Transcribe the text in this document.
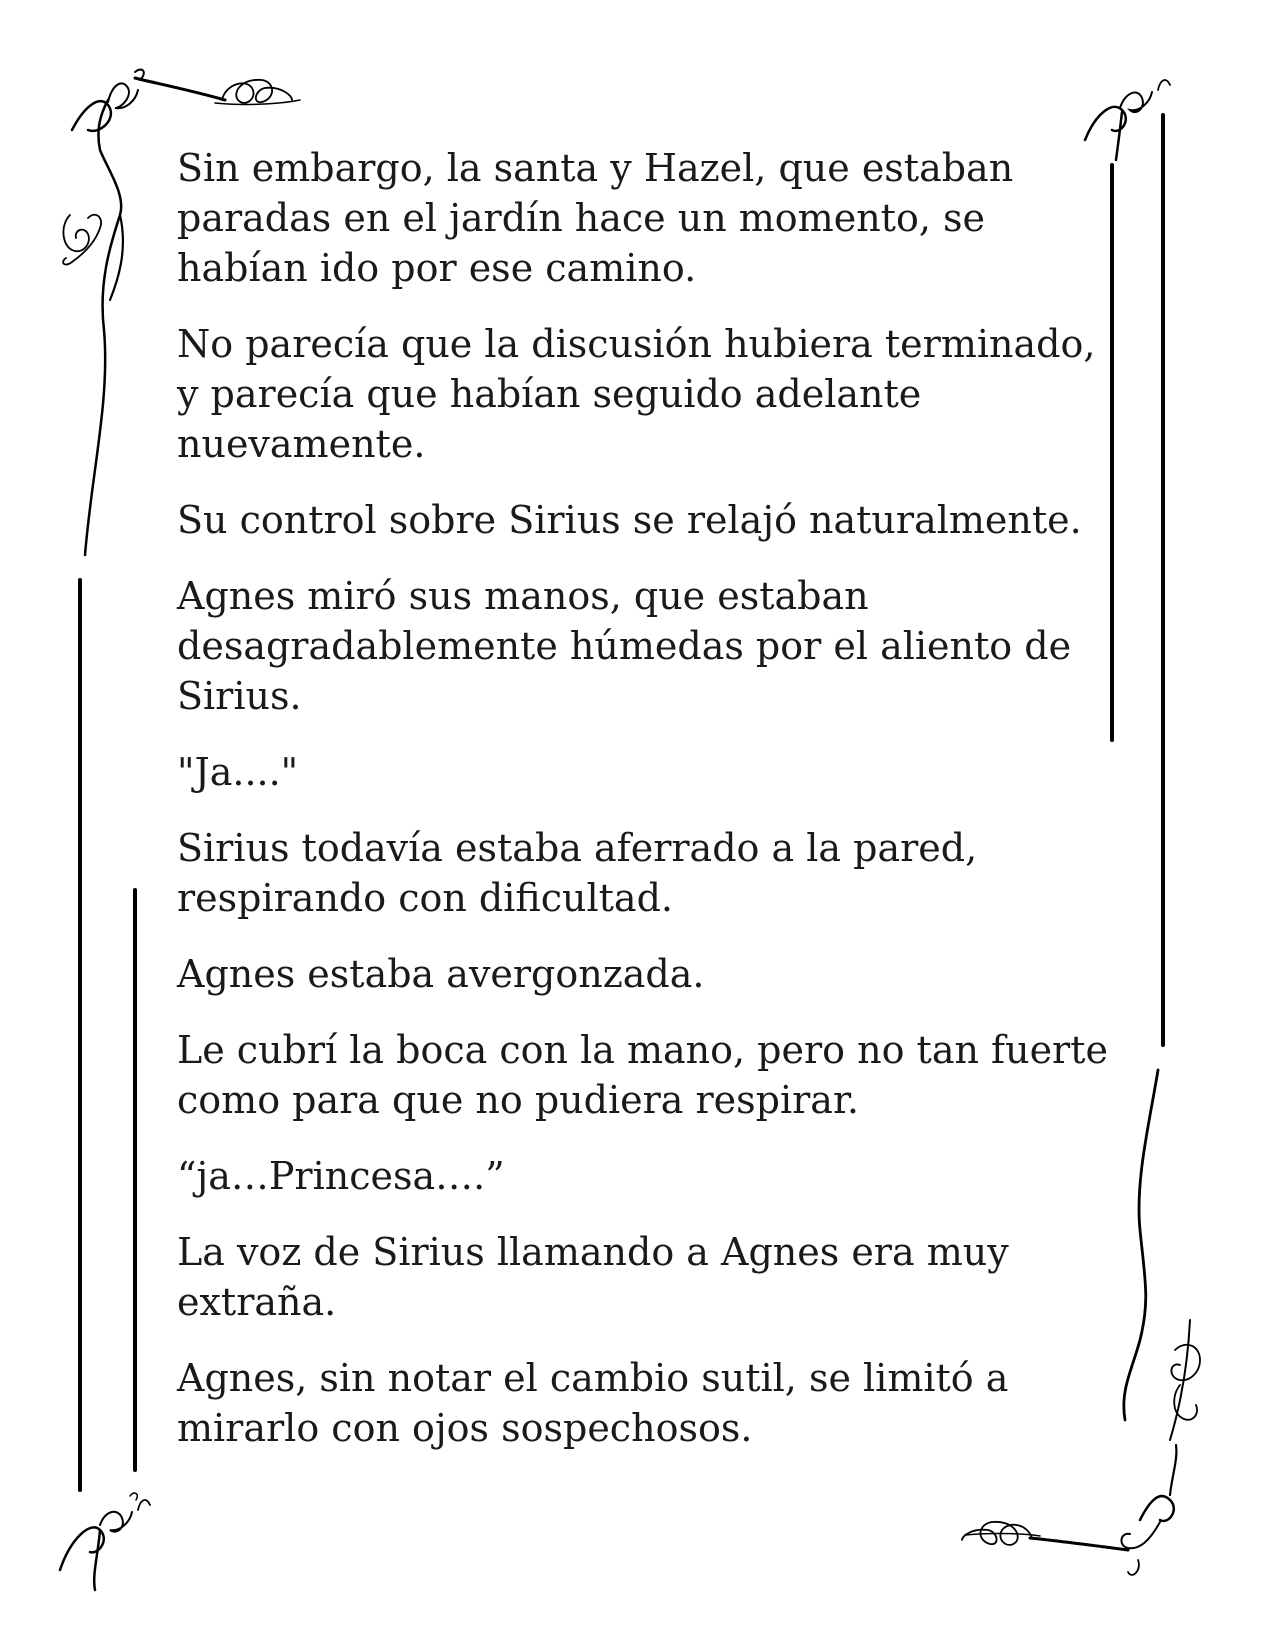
Sin embargo, la santa y Hazel, que estaban
paradas en el jardín hace un momento, se
habían ido por ese camino.

No parecía que la discusión hubiera terminado,
y parecía que habían seguido adelante
nuevamente.

Su control sobre Sirius se relajó naturalmente.

Agnes miró sus manos, que estaban
desagradablemente húmedas por el aliento de
Sirius.

"Ja...."

Sirius todavía estaba aferrado a la pared,
respirando con dificultad.

Agnes estaba avergonzada.

Le cubrí la boca con la mano, pero no tan fuerte
como para que no pudiera respirar.

“ja…Princesa….”

La voz de Sirius llamando a Agnes era muy
extraña.

Agnes, sin notar el cambio sutil, se limitó a
mirarlo con ojos sospechosos.
